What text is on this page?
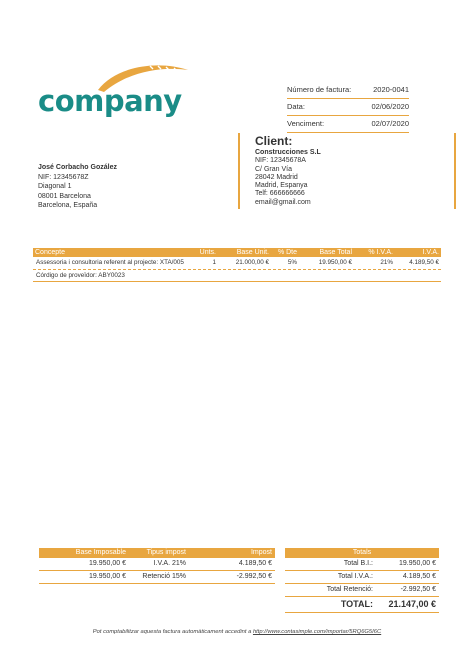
company	Número de factura:	2020-0041
Data:	02/06/2020
Venciment:	02/07/2020
José Corbacho Gozález
NIF: 12345678Z
Diagonal 1
08001 Barcelona
Barcelona, España
Client:
Construcciones S.L
NIF: 12345678A
C/ Gran Vía
28042 Madrid
Madrid, Espanya
Telf: 666666666
email@gmail.com
Concepte	Unts.	Base Unit.	% Dte	Base Total	% I.V.A.	I.V.A.
Assessoria i consultoria referent al projecte: XTA/005	1	21.000,00 €	5%	19.950,00 €	21%	4.189,50 €
Córdigo de proveïdor: ABY0023
Base Imposable	Tipus impost	Impost
19.950,00 €	I.V.A. 21%	4.189,50 €
19.950,00 €	Retenció 15%	-2.992,50 €
Totals
Total B.I.:	19.950,00 €
Total I.V.A.:	4.189,50 €
Total Retenció:	-2.992,50 €
TOTAL:	21.147,00 €
Pot comptabilitzar aquesta factura automàticament accedint a http://www.contasimple.com/importar/5RQ6G5I6C
